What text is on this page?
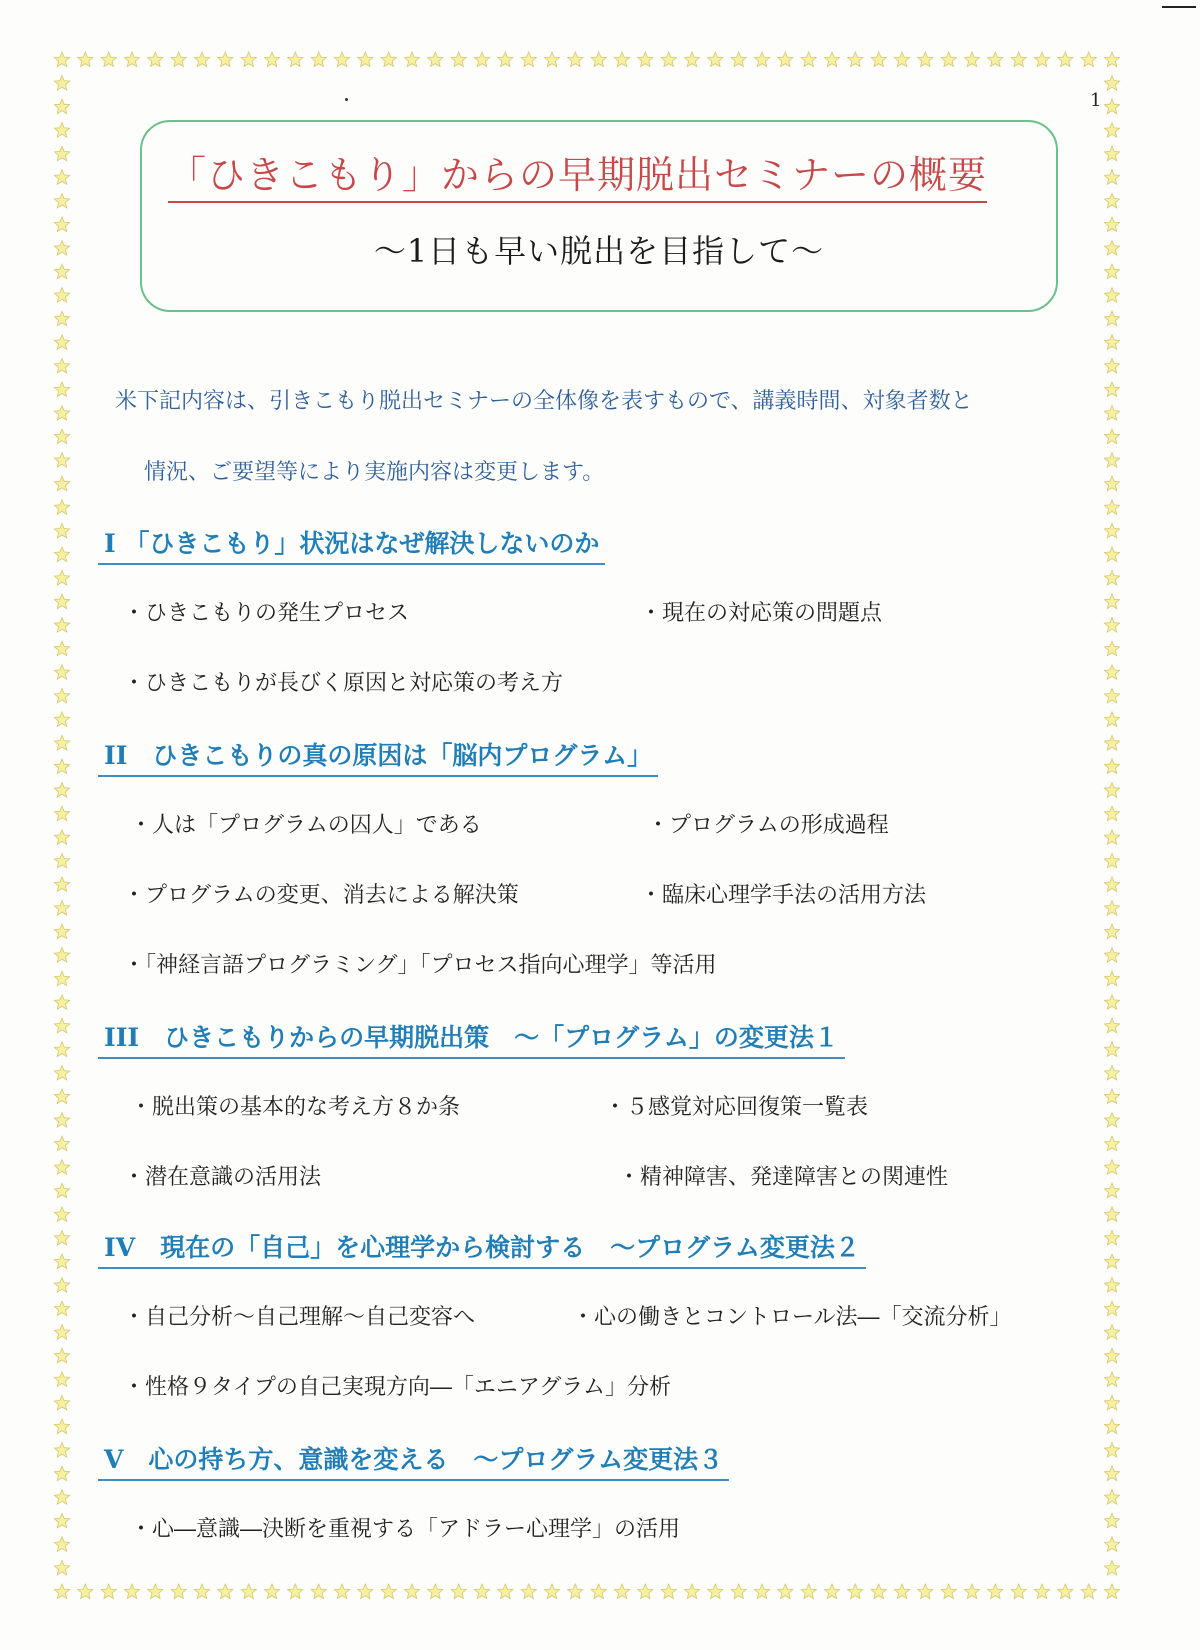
1
「ひきこもり」からの早期脱出セミナーの概要
～1日も早い脱出を目指して～
米下記内容は、引きこもり脱出セミナーの全体像を表すもので、講義時間、対象者数と
情況、ご要望等により実施内容は変更します。
I 「ひきこもり」状況はなぜ解決しないのか
・ひきこもりの発生プロセス	・現在の対応策の問題点
・ひきこもりが長びく原因と対応策の考え方
II　ひきこもりの真の原因は「脳内プログラム」
・人は「プログラムの囚人」である	・プログラムの形成過程
・プログラムの変更、消去による解決策	・臨床心理学手法の活用方法
・「神経言語プログラミング」「プロセス指向心理学」等活用
III　ひきこもりからの早期脱出策　～「プログラム」の変更法１
・脱出策の基本的な考え方８か条	・５感覚対応回復策一覧表
・潜在意識の活用法	・精神障害、発達障害との関連性
IV　現在の「自己」を心理学から検討する　～プログラム変更法２
・自己分析～自己理解～自己変容へ	・心の働きとコントロール法―「交流分析」
・性格９タイプの自己実現方向―「エニアグラム」分析
V　心の持ち方、意識を変える　～プログラム変更法３
・心―意識―決断を重視する「アドラー心理学」の活用
